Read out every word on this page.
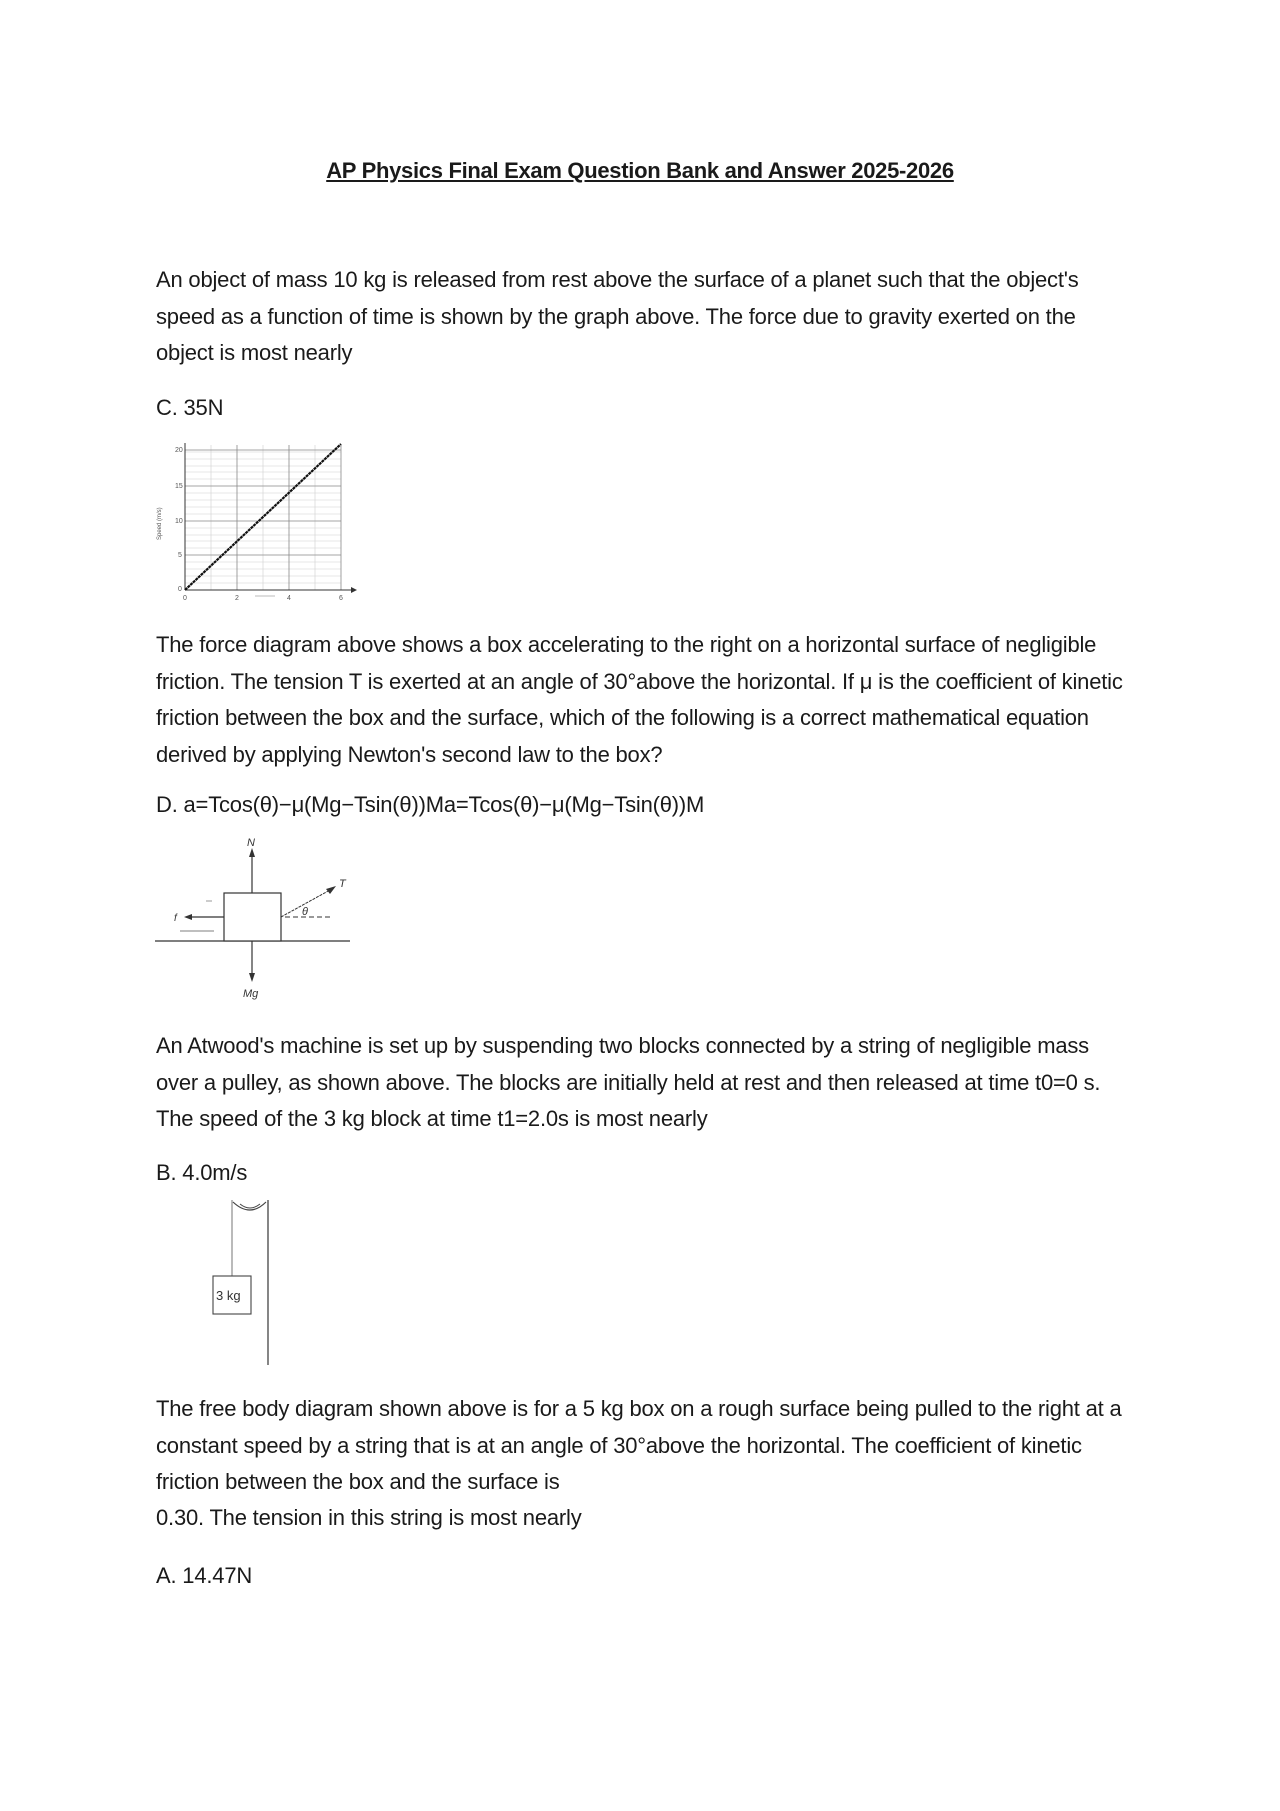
AP Physics Final Exam Question Bank and Answer 2025-2026
An object of mass 10 kg is released from rest above the surface of a planet such that the object's speed as a function of time is shown by the graph above. The force due to gravity exerted on the object is most nearly
C. 35N
20
15
10
5
0
0	2	4	6
Speed (m/s)
The force diagram above shows a box accelerating to the right on a horizontal surface of negligible friction. The tension T is exerted at an angle of 30°above the horizontal. If μ is the coefficient of kinetic friction between the box and the surface, which of the following is a correct mathematical equation derived by applying Newton's second law to the box?
D. a=Tcos(θ)−μ(Mg−Tsin(θ))Ma=Tcos(θ)−μ(Mg−Tsin(θ))M
N
Mg
f
T
θ
An Atwood's machine is set up by suspending two blocks connected by a string of negligible mass over a pulley, as shown above. The blocks are initially held at rest and then released at time t0=0 s. The speed of the 3 kg block at time t1=2.0s is most nearly
B. 4.0m/s
3 kg
The free body diagram shown above is for a 5 kg box on a rough surface being pulled to the right at a constant speed by a string that is at an angle of 30°above the horizontal. The coefficient of kinetic friction between the box and the surface is
0.30. The tension in this string is most nearly
A. 14.47N
